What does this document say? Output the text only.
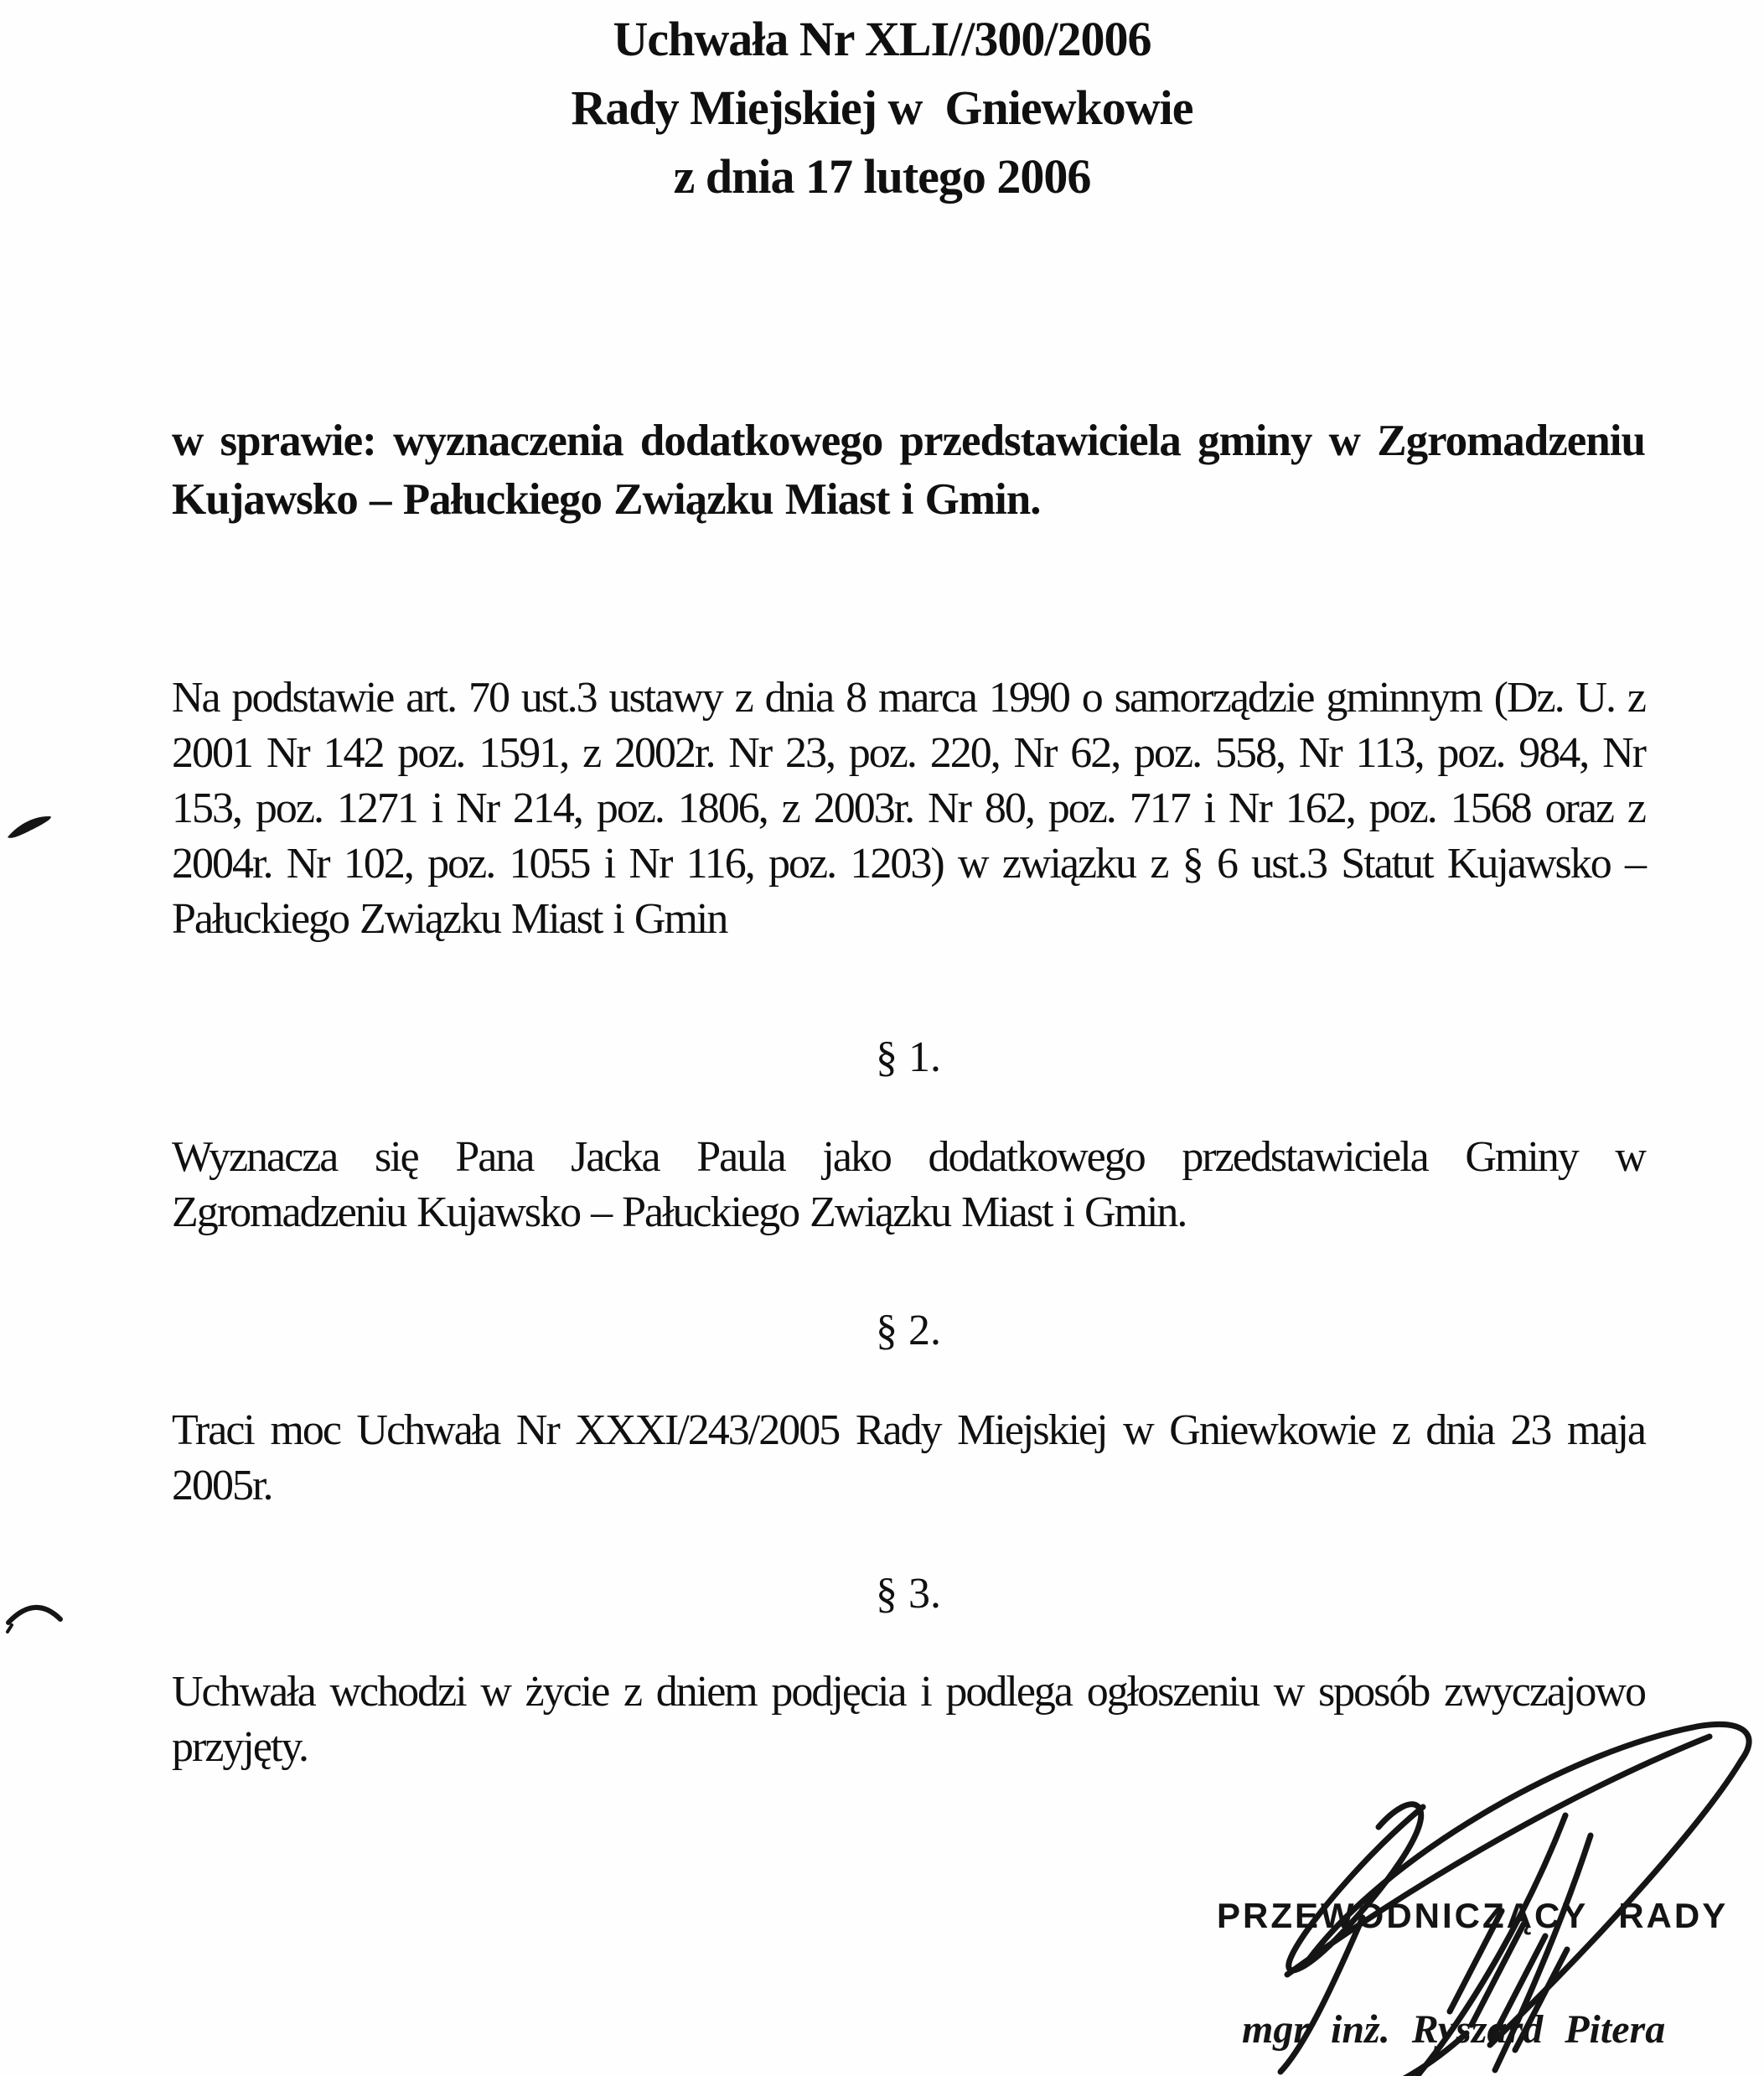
Uchwała Nr XLI//300/2006
Rady Miejskiej w  Gniewkowie
z dnia 17 lutego 2006

w sprawie: wyznaczenia dodatkowego przedstawiciela gminy w Zgromadzeniu Kujawsko – Pałuckiego Związku Miast i Gmin.

Na podstawie art. 70 ust.3 ustawy z dnia 8 marca 1990 o samorządzie gminnym (Dz. U. z 2001 Nr 142 poz. 1591, z 2002r. Nr 23, poz. 220, Nr 62, poz. 558, Nr 113, poz. 984, Nr 153, poz. 1271 i Nr 214, poz. 1806, z 2003r. Nr 80, poz. 717 i Nr 162, poz. 1568 oraz z 2004r. Nr 102, poz. 1055 i Nr 116, poz. 1203) w związku z § 6 ust.3 Statut Kujawsko – Pałuckiego Związku Miast i Gmin

§ 1.

Wyznacza się Pana Jacka Paula jako dodatkowego przedstawiciela Gminy w Zgromadzeniu Kujawsko – Pałuckiego Związku Miast i Gmin.

§ 2.

Traci moc Uchwała Nr XXXI/243/2005 Rady Miejskiej w Gniewkowie z dnia 23 maja 2005r.

§ 3.

Uchwała wchodzi w życie z dniem podjęcia i podlega ogłoszeniu w sposób zwyczajowo przyjęty.

PRZEWODNICZĄCY RADY
mgr inż. Ryszard Pitera
